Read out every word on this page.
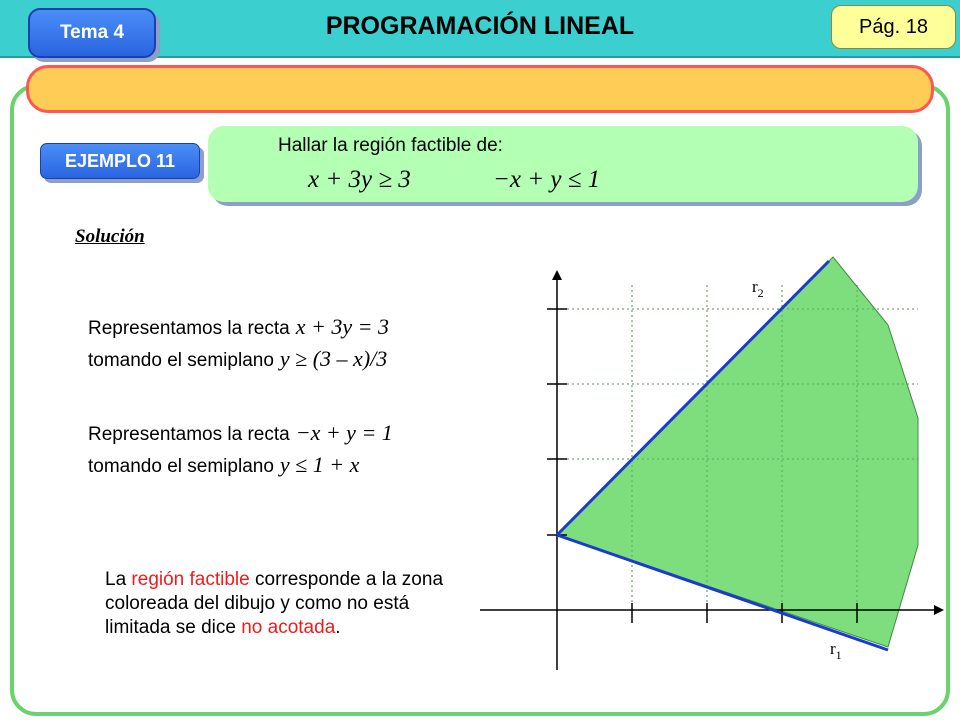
Tema 4	PROGRAMACIÓN LINEAL	Pág. 18
EJEMPLO 11
Hallar la región factible de:
x + 3y ≥ 3	−x + y ≤ 1
Solución
Representamos la recta x + 3y = 3
tomando el semiplano y ≥ (3 – x)/3
Representamos la recta −x + y = 1
tomando el semiplano y ≤ 1 + x
La región factible corresponde a la zona coloreada del dibujo y como no está limitada se dice no acotada.
$r_2$
$r_1$
